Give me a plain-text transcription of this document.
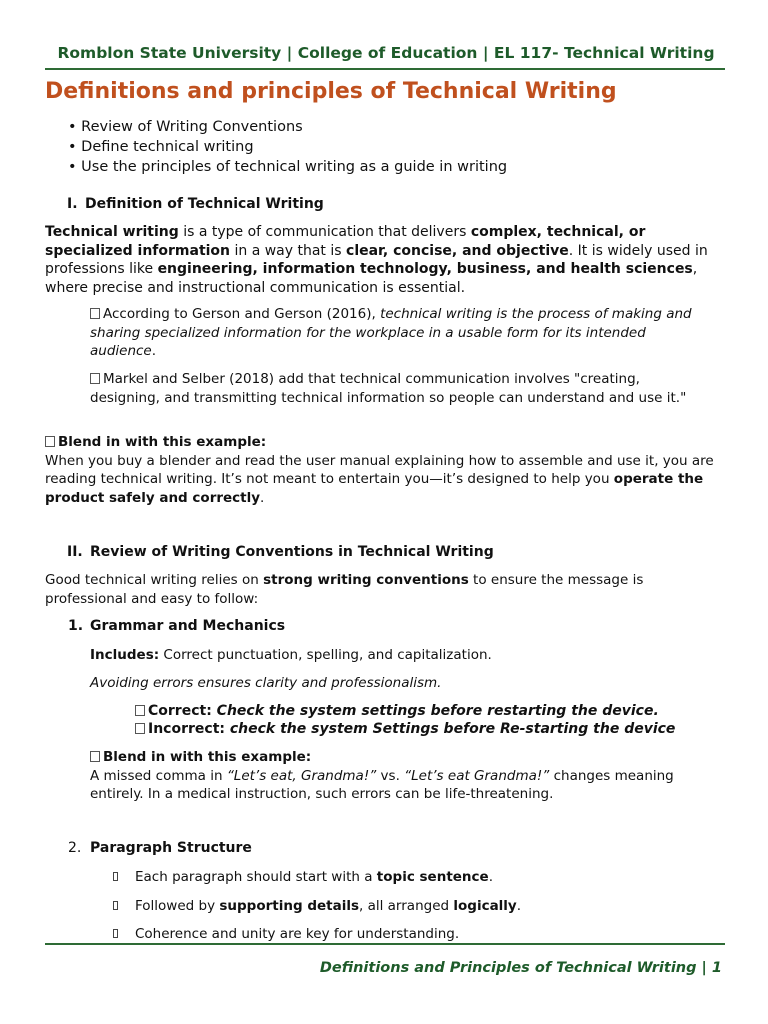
Romblon State University | College of Education | EL 117- Technical Writing
Definitions and principles of Technical Writing
• Review of Writing Conventions
• Define technical writing
• Use the principles of technical writing as a guide in writing
I. Definition of Technical Writing
Technical writing is a type of communication that delivers complex, technical, or specialized information in a way that is clear, concise, and objective. It is widely used in professions like engineering, information technology, business, and health sciences, where precise and instructional communication is essential.
According to Gerson and Gerson (2016), technical writing is the process of making and sharing specialized information for the workplace in a usable form for its intended audience.
Markel and Selber (2018) add that technical communication involves "creating, designing, and transmitting technical information so people can understand and use it."
Blend in with this example:
When you buy a blender and read the user manual explaining how to assemble and use it, you are reading technical writing. It’s not meant to entertain you—it’s designed to help you operate the product safely and correctly.
II. Review of Writing Conventions in Technical Writing
Good technical writing relies on strong writing conventions to ensure the message is professional and easy to follow:
1. Grammar and Mechanics
Includes: Correct punctuation, spelling, and capitalization.
Avoiding errors ensures clarity and professionalism.
Correct: Check the system settings before restarting the device.
Incorrect: check the system Settings before Re-starting the device
Blend in with this example:
A missed comma in “Let’s eat, Grandma!” vs. “Let’s eat Grandma!” changes meaning entirely. In a medical instruction, such errors can be life-threatening.
2. Paragraph Structure
Each paragraph should start with a topic sentence.
Followed by supporting details, all arranged logically.
Coherence and unity are key for understanding.
Definitions and Principles of Technical Writing | 1
